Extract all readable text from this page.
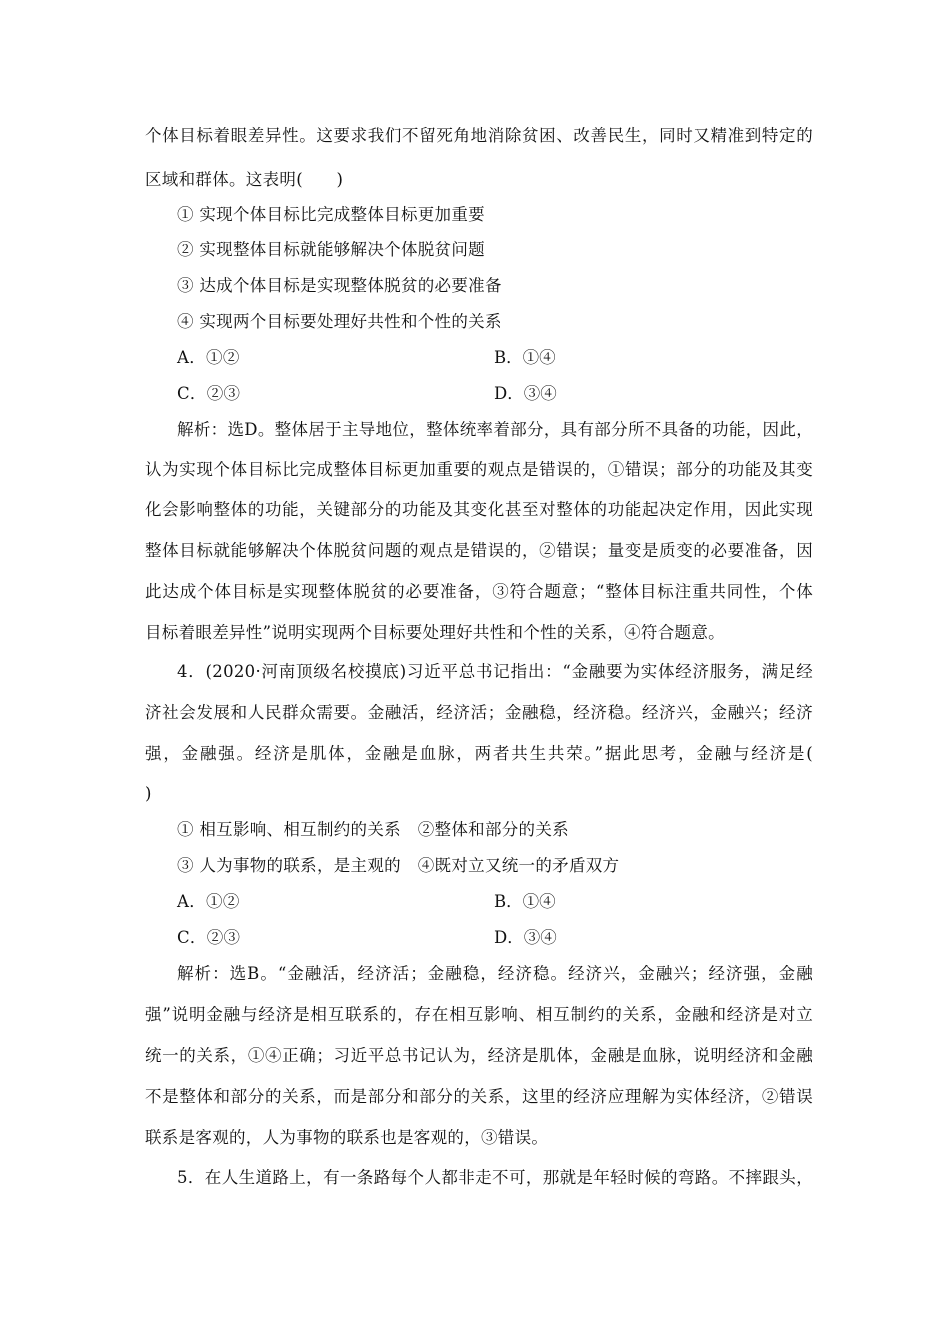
个体目标着眼差异性。这要求我们不留死角地消除贫困、改善民生，同时又精准到特定的
区域和群体。这表明(　　)
① 实现个体目标比完成整体目标更加重要
② 实现整体目标就能够解决个体脱贫问题
③ 达成个体目标是实现整体脱贫的必要准备
④ 实现两个目标要处理好共性和个性的关系
A．①②	B．①④
C．②③	D．③④
解析：选D。整体居于主导地位，整体统率着部分，具有部分所不具备的功能，因此，
认为实现个体目标比完成整体目标更加重要的观点是错误的，①错误；部分的功能及其变
化会影响整体的功能，关键部分的功能及其变化甚至对整体的功能起决定作用，因此实现
整体目标就能够解决个体脱贫问题的观点是错误的，②错误；量变是质变的必要准备，因
此达成个体目标是实现整体脱贫的必要准备，③符合题意；“整体目标注重共同性，个体
目标着眼差异性”说明实现两个目标要处理好共性和个性的关系，④符合题意。
4．(2020·河南顶级名校摸底)习近平总书记指出：“金融要为实体经济服务，满足经
济社会发展和人民群众需要。金融活，经济活；金融稳，经济稳。经济兴，金融兴；经济
强，金融强。经济是肌体，金融是血脉，两者共生共荣。”据此思考，金融与经济是(
)
① 相互影响、相互制约的关系　②整体和部分的关系
③ 人为事物的联系，是主观的　④既对立又统一的矛盾双方
A．①②	B．①④
C．②③	D．③④
解析：选B。“金融活，经济活；金融稳，经济稳。经济兴，金融兴；经济强，金融
强”说明金融与经济是相互联系的，存在相互影响、相互制约的关系，金融和经济是对立
统一的关系，①④正确；习近平总书记认为，经济是肌体，金融是血脉，说明经济和金融
不是整体和部分的关系，而是部分和部分的关系，这里的经济应理解为实体经济，②错误
联系是客观的，人为事物的联系也是客观的，③错误。
5．在人生道路上，有一条路每个人都非走不可，那就是年轻时候的弯路。不摔跟头，
